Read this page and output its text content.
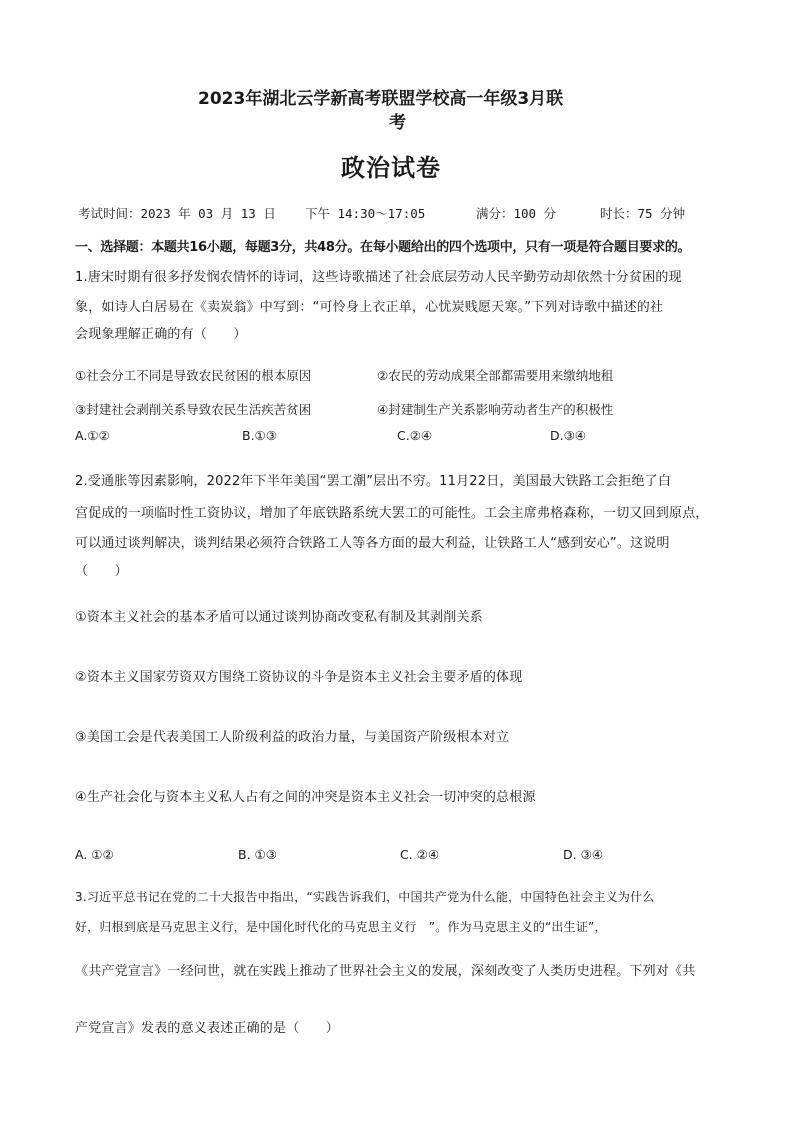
2023年湖北云学新高考联盟学校高一年级3月联
考
政治试卷
考试时间：2023 年 03 月 13 日 下午 14:30～17:05	满分：100 分	时长：75 分钟
一、选择题：本题共16小题，每题3分，共48分。在每小题给出的四个选项中，只有一项是符合题目要求的。
1.唐宋时期有很多抒发悯农情怀的诗词，这些诗歌描述了社会底层劳动人民辛勤劳动却依然十分贫困的现
象，如诗人白居易在《卖炭翁》中写到：“可怜身上衣正单，心忧炭贱愿天寒。”下列对诗歌中描述的社
会现象理解正确的有（　　）
①社会分工不同是导致农民贫困的根本原因	②农民的劳动成果全部都需要用来缴纳地租
③封建社会剥削关系导致农民生活疾苦贫困	④封建制生产关系影响劳动者生产的积极性
A.①②	B.①③	C.②④	D.③④
2.受通胀等因素影响，2022年下半年美国“罢工潮”层出不穷。11月22日，美国最大铁路工会拒绝了白
宫促成的一项临时性工资协议，增加了年底铁路系统大罢工的可能性。工会主席弗格森称，一切又回到原点，
可以通过谈判解决，谈判结果必须符合铁路工人等各方面的最大利益，让铁路工人“感到安心”。这说明
（　　）
①资本主义社会的基本矛盾可以通过谈判协商改变私有制及其剥削关系
②资本主义国家劳资双方围绕工资协议的斗争是资本主义社会主要矛盾的体现
③美国工会是代表美国工人阶级利益的政治力量，与美国资产阶级根本对立
④生产社会化与资本主义私人占有之间的冲突是资本主义社会一切冲突的总根源
A. ①②	B. ①③	C. ②④	D. ③④
3.习近平总书记在党的二十大报告中指出，“实践告诉我们，中国共产党为什么能，中国特色社会主义为什么
好，归根到底是马克思主义行，是中国化时代化的马克思主义行　”。作为马克思主义的“出生证”，
《共产党宣言》一经问世，就在实践上推动了世界社会主义的发展，深刻改变了人类历史进程。下列对《共
产党宣言》发表的意义表述正确的是（　　）
